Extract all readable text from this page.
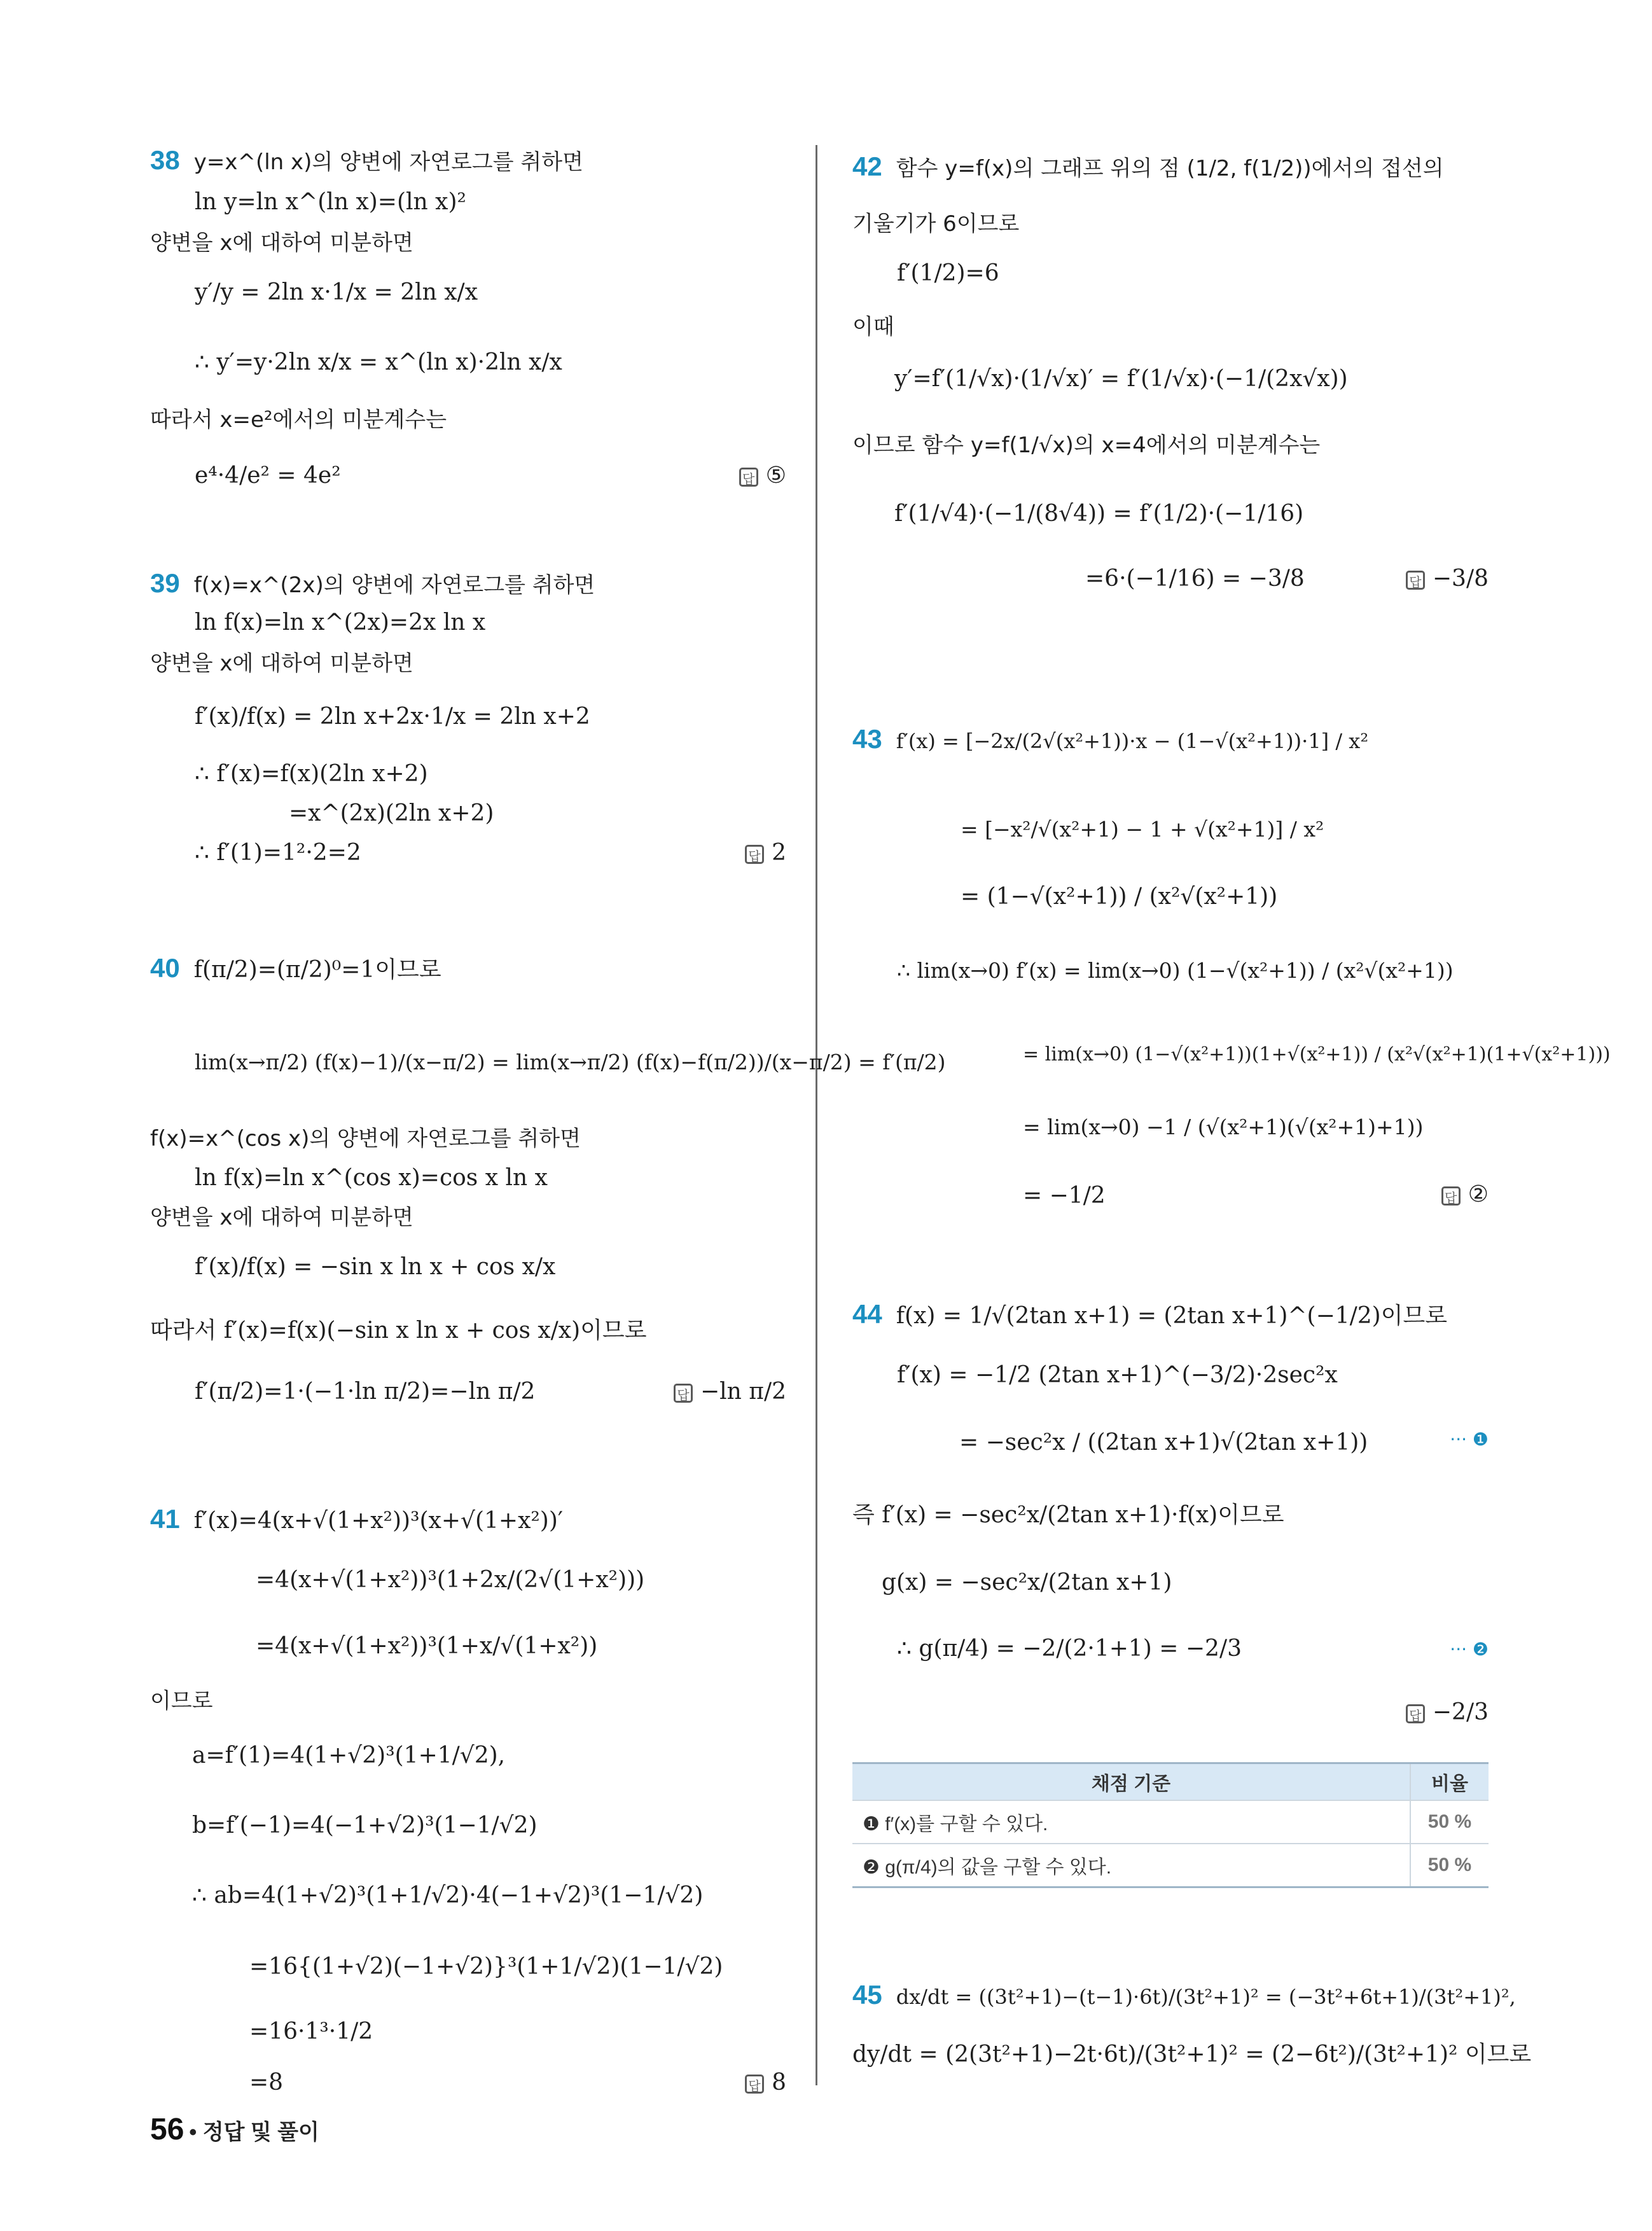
38 y=x^(ln x)의 양변에 자연로그를 취하면
ln y=ln x^(ln x)=(ln x)²
양변을 x에 대하여 미분하면
y′/y = 2ln x·1/x = 2ln x/x
∴ y′=y·2ln x/x = x^(ln x)·2ln x/x
따라서 x=e²에서의 미분계수는
e⁴·4/e² = 4e²	답 ⑤
39 f(x)=x^(2x)의 양변에 자연로그를 취하면
ln f(x)=ln x^(2x)=2x ln x
양변을 x에 대하여 미분하면
f′(x)/f(x) = 2ln x+2x·1/x = 2ln x+2
∴ f′(x)=f(x)(2ln x+2)
=x^(2x)(2ln x+2)
∴ f′(1)=1²·2=2	답 2
40 f(π/2)=(π/2)⁰=1이므로
lim(x→π/2) (f(x)−1)/(x−π/2) = lim(x→π/2) (f(x)−f(π/2))/(x−π/2) = f′(π/2)
f(x)=x^(cos x)의 양변에 자연로그를 취하면
ln f(x)=ln x^(cos x)=cos x ln x
양변을 x에 대하여 미분하면
f′(x)/f(x) = −sin x ln x + cos x/x
따라서 f′(x)=f(x)(−sin x ln x + cos x/x)이므로
f′(π/2)=1·(−1·ln π/2)=−ln π/2	답 −ln π/2
41 f′(x)=4(x+√(1+x²))³(x+√(1+x²))′
=4(x+√(1+x²))³(1+2x/(2√(1+x²)))
=4(x+√(1+x²))³(1+x/√(1+x²))
이므로
a=f′(1)=4(1+√2)³(1+1/√2),
b=f′(−1)=4(−1+√2)³(1−1/√2)
∴ ab=4(1+√2)³(1+1/√2)·4(−1+√2)³(1−1/√2)
=16{(1+√2)(−1+√2)}³(1+1/√2)(1−1/√2)
=16·1³·1/2
=8	답 8
42 함수 y=f(x)의 그래프 위의 점 (1/2, f(1/2))에서의 접선의
기울기가 6이므로
f′(1/2)=6
이때
y′=f′(1/√x)·(1/√x)′ = f′(1/√x)·(−1/(2x√x))
이므로 함수 y=f(1/√x)의 x=4에서의 미분계수는
f′(1/√4)·(−1/(8√4)) = f′(1/2)·(−1/16)
=6·(−1/16) = −3/8	답 −3/8
43 f′(x) = [−2x/(2√(x²+1))·x − (1−√(x²+1))·1] / x²
= [−x²/√(x²+1) − 1 + √(x²+1)] / x²
= (1−√(x²+1)) / (x²√(x²+1))
∴ lim(x→0) f′(x) = lim(x→0) (1−√(x²+1)) / (x²√(x²+1))
= lim(x→0) (1−√(x²+1))(1+√(x²+1)) / (x²√(x²+1)(1+√(x²+1)))
= lim(x→0) −1 / (√(x²+1)(√(x²+1)+1))
= −1/2	답 ②
44 f(x) = 1/√(2tan x+1) = (2tan x+1)^(−1/2)이므로
f′(x) = −1/2 (2tan x+1)^(−3/2)·2sec²x
= −sec²x / ((2tan x+1)√(2tan x+1))	··· ❶
즉 f′(x) = −sec²x/(2tan x+1)·f(x)이므로
g(x) = −sec²x/(2tan x+1)
∴ g(π/4) = −2/(2·1+1) = −2/3	··· ❷
답 −2/3
채점 기준	비율
❶ f′(x)를 구할 수 있다.	50 %
❷ g(π/4)의 값을 구할 수 있다.	50 %
45 dx/dt = ((3t²+1)−(t−1)·6t)/(3t²+1)² = (−3t²+6t+1)/(3t²+1)²,
dy/dt = (2(3t²+1)−2t·6t)/(3t²+1)² = (2−6t²)/(3t²+1)² 이므로
56 • 정답 및 풀이
